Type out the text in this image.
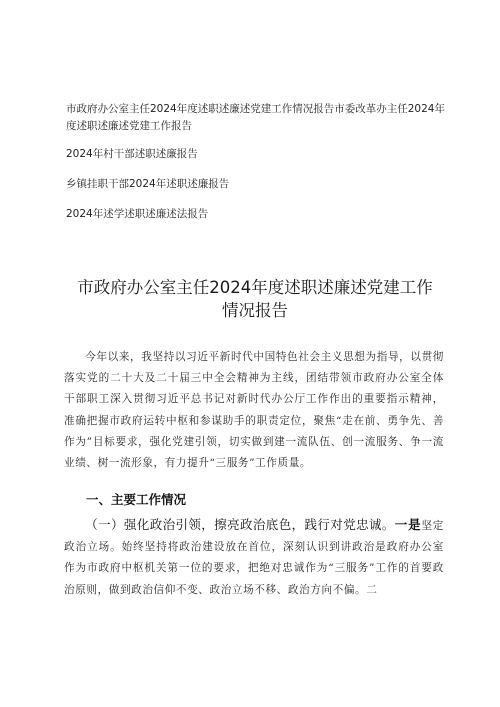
市政府办公室主任2024年度述职述廉述党建工作情况报告市委改革办主任2024年度述职述廉述党建工作报告

2024年村干部述职述廉报告

乡镇挂职干部2024年述职述廉报告

2024年述学述职述廉述法报告

市政府办公室主任2024年度述职述廉述党建工作情况报告

今年以来，我坚持以习近平新时代中国特色社会主义思想为指导，以贯彻落实党的二十大及二十届三中全会精神为主线，团结带领市政府办公室全体干部职工深入贯彻习近平总书记对新时代办公厅工作作出的重要指示精神，准确把握市政府运转中枢和参谋助手的职责定位，聚焦“走在前、勇争先、善作为”目标要求，强化党建引领，切实做到建一流队伍、创一流服务、争一流业绩、树一流形象，有力提升“三服务”工作质量。

一、主要工作情况

（一）强化政治引领，擦亮政治底色，践行对党忠诚。一是坚定政治立场。始终坚持将政治建设放在首位，深刻认识到讲政治是政府办公室作为市政府中枢机关第一位的要求，把绝对忠诚作为“三服务”工作的首要政治原则，做到政治信仰不变、政治立场不移、政治方向不偏。二
